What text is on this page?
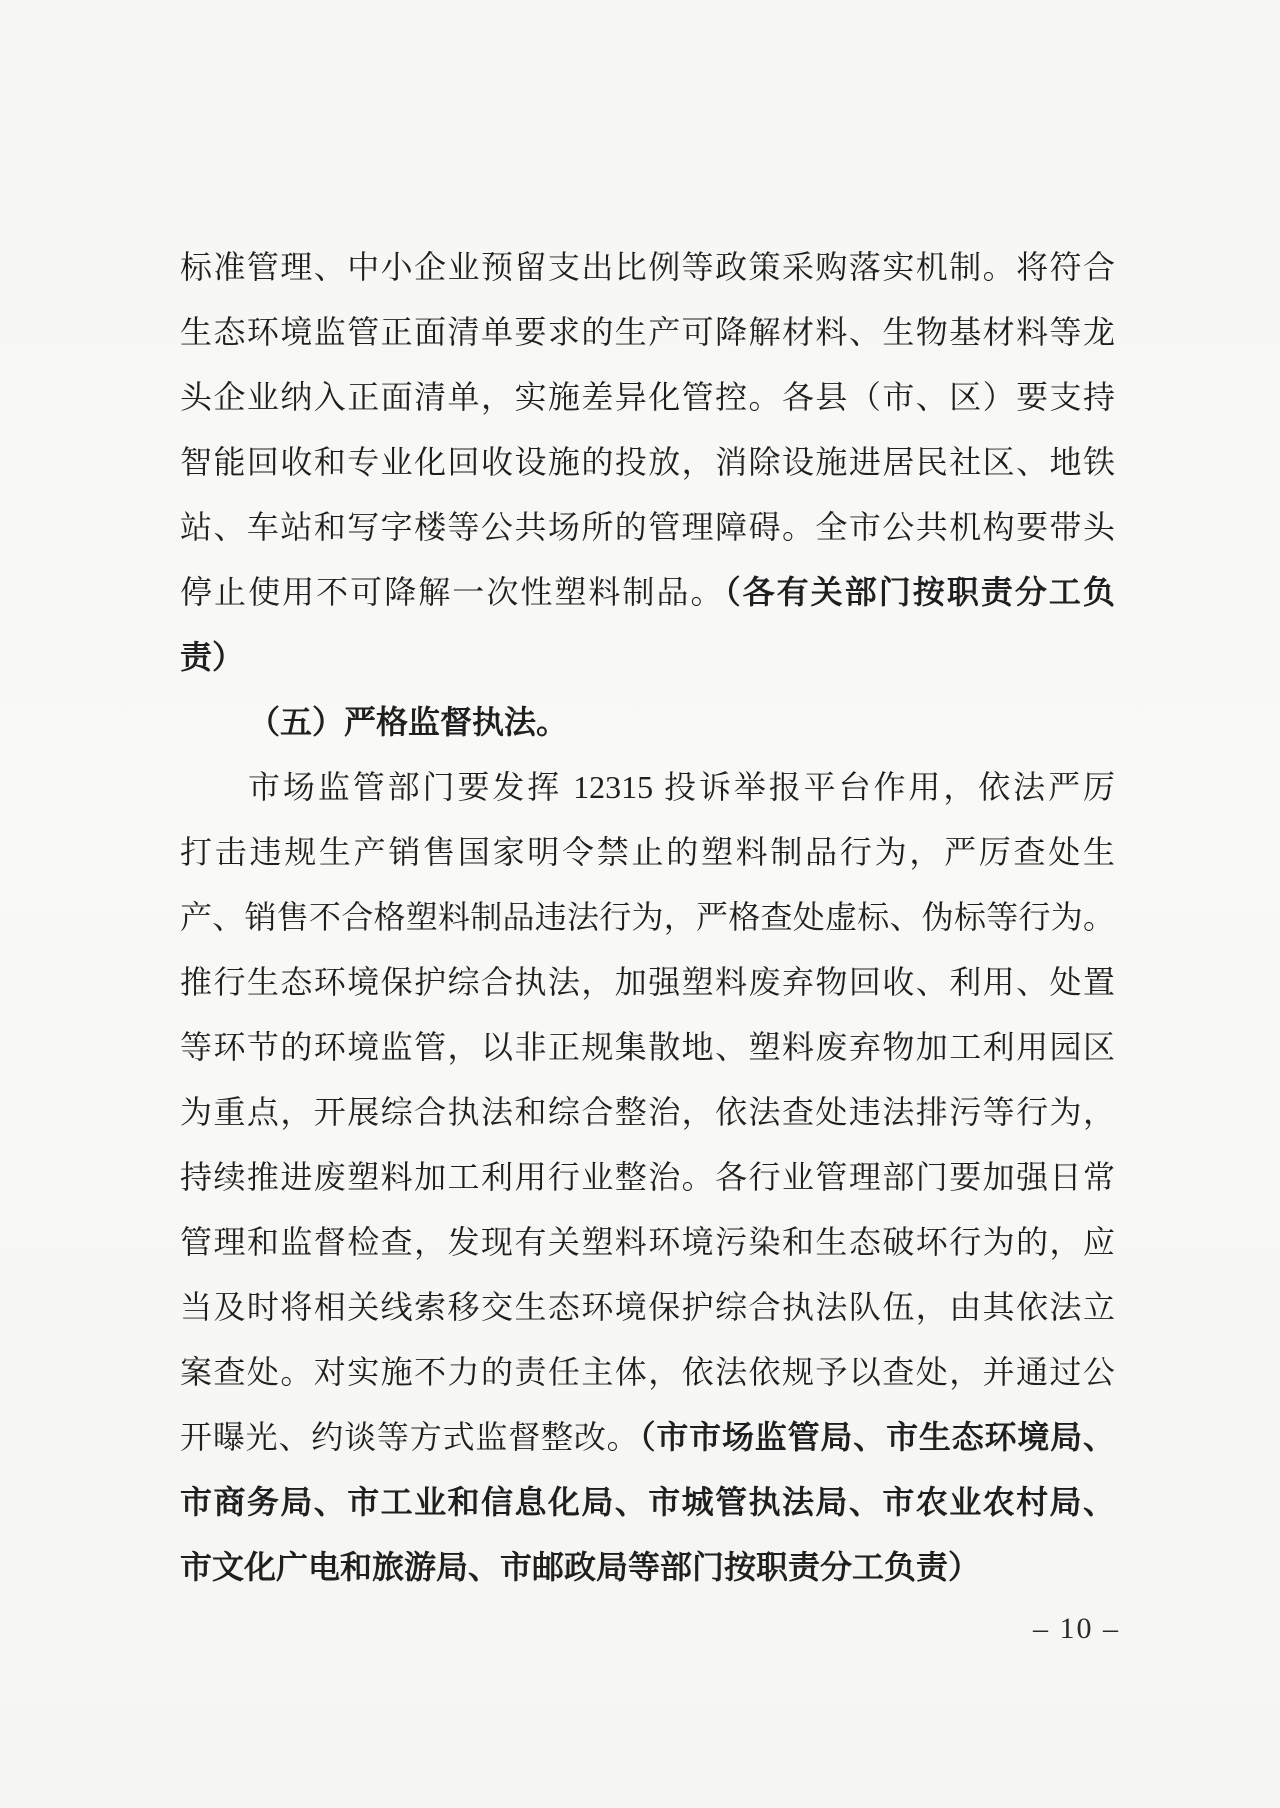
标准管理、中小企业预留支出比例等政策采购落实机制。将符合
生态环境监管正面清单要求的生产可降解材料、生物基材料等龙
头企业纳入正面清单，实施差异化管控。各县（市、区）要支持
智能回收和专业化回收设施的投放，消除设施进居民社区、地铁
站、车站和写字楼等公共场所的管理障碍。全市公共机构要带头
停止使用不可降解一次性塑料制品。（各有关部门按职责分工负
责）
（五）严格监督执法。
市场监管部门要发挥 12315 投诉举报平台作用，依法严厉
打击违规生产销售国家明令禁止的塑料制品行为，严厉查处生
产、销售不合格塑料制品违法行为，严格查处虚标、伪标等行为。
推行生态环境保护综合执法，加强塑料废弃物回收、利用、处置
等环节的环境监管，以非正规集散地、塑料废弃物加工利用园区
为重点，开展综合执法和综合整治，依法查处违法排污等行为，
持续推进废塑料加工利用行业整治。各行业管理部门要加强日常
管理和监督检查，发现有关塑料环境污染和生态破坏行为的，应
当及时将相关线索移交生态环境保护综合执法队伍，由其依法立
案查处。对实施不力的责任主体，依法依规予以查处，并通过公
开曝光、约谈等方式监督整改。（市市场监管局、市生态环境局、
市商务局、市工业和信息化局、市城管执法局、市农业农村局、
市文化广电和旅游局、市邮政局等部门按职责分工负责）
– 10 –
